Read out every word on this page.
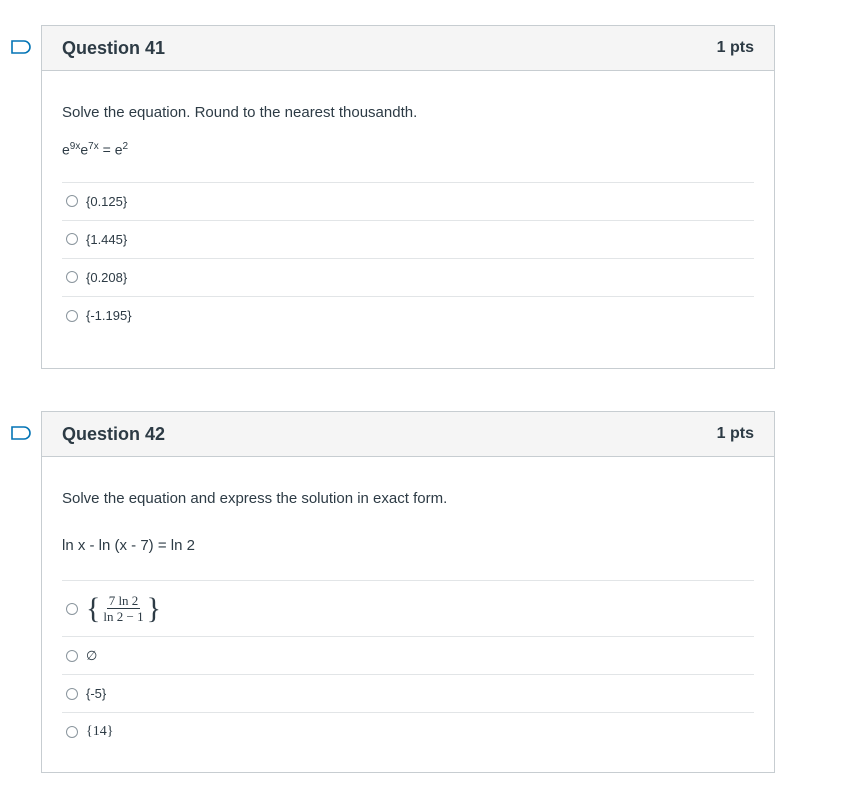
Question 41	1 pts

Solve the equation. Round to the nearest thousandth.

$e^{9x}e^{7x} = e^2$

{0.125}
{1.445}
{0.208}
{-1.195}
Question 42	1 pts

Solve the equation and express the solution in exact form.

ln x - ln (x - 7) = ln 2

{ $\frac{7 \ln 2}{\ln 2 - 1}$ }
∅
{-5}
{14}
